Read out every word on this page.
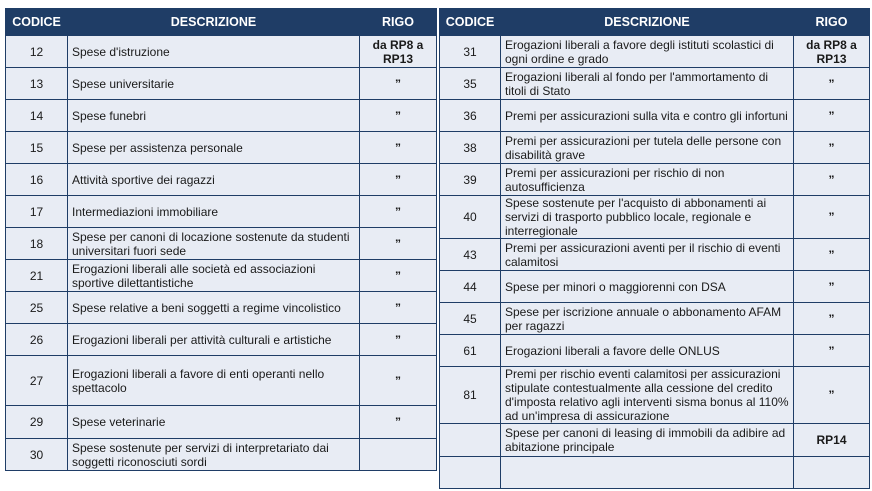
CODICE	DESCRIZIONE	RIGO
12	Spese d'istruzione	da RP8 a RP13
13	Spese universitarie	”
14	Spese funebri	”
15	Spese per assistenza personale	”
16	Attività sportive dei ragazzi	”
17	Intermediazioni immobiliare	”
18	Spese per canoni di locazione sostenute da studenti universitari fuori sede	”
21	Erogazioni liberali alle società ed associazioni sportive dilettantistiche	”
25	Spese relative a beni soggetti a regime vincolistico	”
26	Erogazioni liberali per attività culturali e artistiche	”
27	Erogazioni liberali a favore di enti operanti nello spettacolo	”
29	Spese veterinarie	”
30	Spese sostenute per servizi di interpretariato dai soggetti riconosciuti sordi	
CODICE	DESCRIZIONE	RIGO
31	Erogazioni liberali a favore degli istituti scolastici di ogni ordine e grado	da RP8 a RP13
35	Erogazioni liberali al fondo per l'ammortamento di titoli di Stato	”
36	Premi per assicurazioni sulla vita e contro gli infortuni	”
38	Premi per assicurazioni per tutela delle persone con disabilità grave	”
39	Premi per assicurazioni per rischio di non autosufficienza	”
40	Spese sostenute per l'acquisto di abbonamenti ai servizi di trasporto pubblico locale, regionale e interregionale	”
43	Premi per assicurazioni aventi per il rischio di eventi calamitosi	”
44	Spese per minori o maggiorenni con DSA	”
45	Spese per iscrizione annuale o abbonamento AFAM per ragazzi	”
61	Erogazioni liberali a favore delle ONLUS	”
81	Premi per rischio eventi calamitosi per assicurazioni stipulate contestualmente alla cessione del credito d'imposta relativo agli interventi sisma bonus al 110% ad un'impresa di assicurazione	”
	Spese per canoni di leasing di immobili da adibire ad abitazione principale	RP14
